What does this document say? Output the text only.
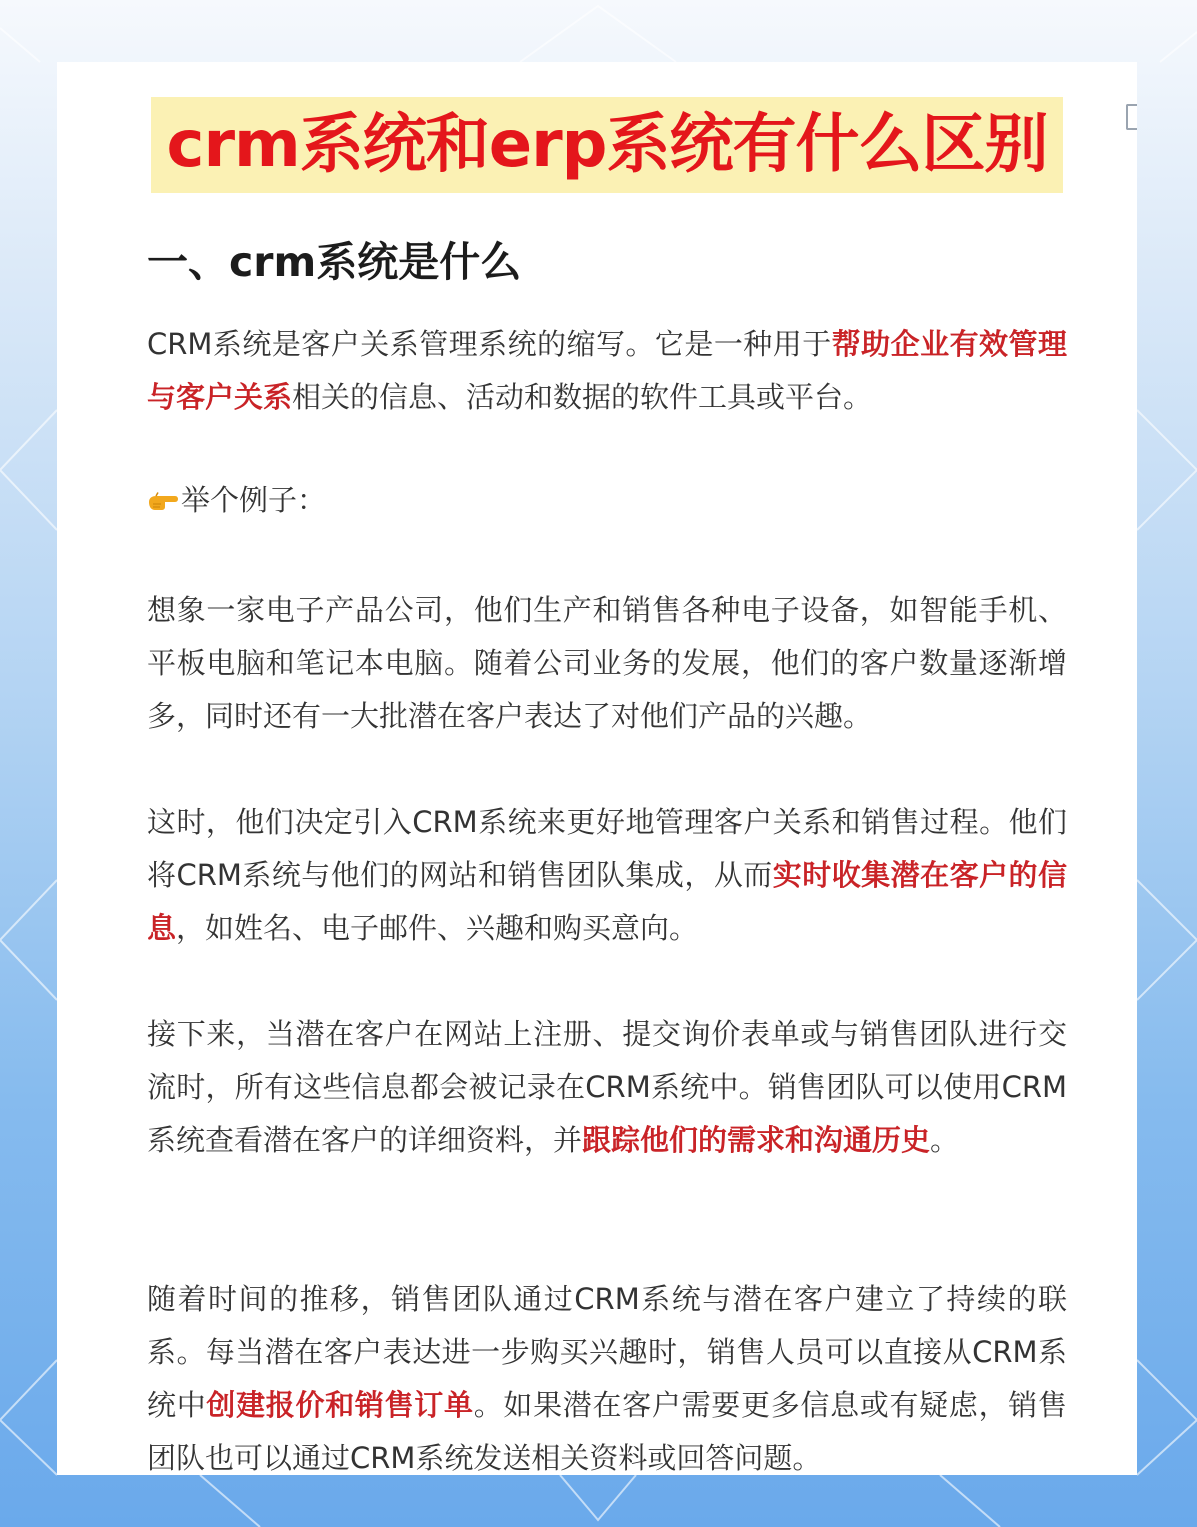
crm系统和erp系统有什么区别
一、crm系统是什么
CRM系统是客户关系管理系统的缩写。它是一种用于帮助企业有效管理与客户关系相关的信息、活动和数据的软件工具或平台。
举个例子：
想象一家电子产品公司，他们生产和销售各种电子设备，如智能手机、平板电脑和笔记本电脑。随着公司业务的发展，他们的客户数量逐渐增多，同时还有一大批潜在客户表达了对他们产品的兴趣。
这时，他们决定引入CRM系统来更好地管理客户关系和销售过程。他们将CRM系统与他们的网站和销售团队集成，从而实时收集潜在客户的信息，如姓名、电子邮件、兴趣和购买意向。
接下来，当潜在客户在网站上注册、提交询价表单或与销售团队进行交流时，所有这些信息都会被记录在CRM系统中。销售团队可以使用CRM系统查看潜在客户的详细资料，并跟踪他们的需求和沟通历史。
随着时间的推移，销售团队通过CRM系统与潜在客户建立了持续的联系。每当潜在客户表达进一步购买兴趣时，销售人员可以直接从CRM系统中创建报价和销售订单。如果潜在客户需要更多信息或有疑虑，销售团队也可以通过CRM系统发送相关资料或回答问题。
